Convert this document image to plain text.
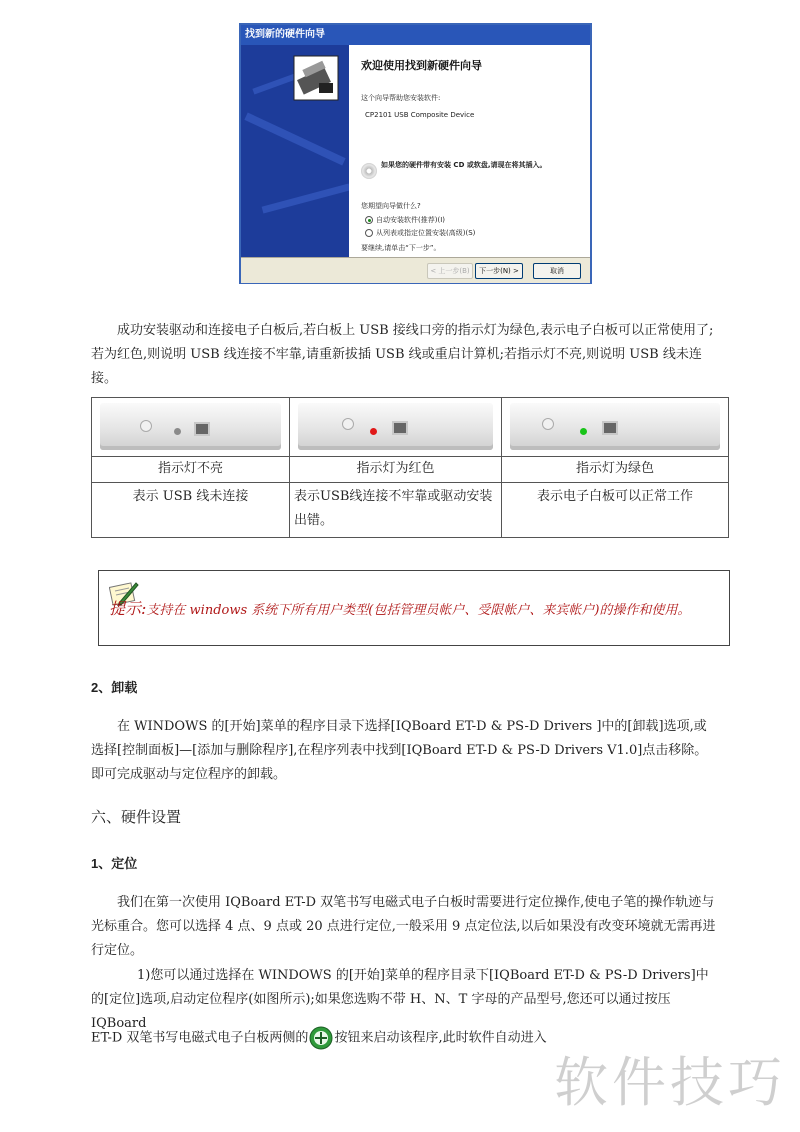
找到新的硬件向导
欢迎使用找到新硬件向导
这个向导帮助您安装软件:
CP2101 USB Composite Device
如果您的硬件带有安装 CD 或软盘,请现在将其插入。
您期望向导做什么?
自动安装软件(推荐)(I)
从列表或指定位置安装(高级)(S)
要继续,请单击“下一步”。
< 上一步(B)	下一步(N) >	取消
成功安装驱动和连接电子白板后,若白板上 USB 接线口旁的指示灯为绿色,表示电子白板可以正常使用了;若为红色,则说明 USB 线连接不牢靠,请重新拔插 USB 线或重启计算机;若指示灯不亮,则说明 USB 线未连接。

指示灯不亮	指示灯为红色	指示灯为绿色
表示 USB 线未连接	表示USB线连接不牢靠或驱动安装出错。	表示电子白板可以正常工作
提示:支持在 windows 系统下所有用户类型(包括管理员帐户、受限帐户、来宾帐户)的操作和使用。
2、卸载
在 WINDOWS 的[开始]菜单的程序目录下选择[IQBoard ET-D & PS-D Drivers ]中的[卸载]选项,或选择[控制面板]—[添加与删除程序],在程序列表中找到[IQBoard ET-D & PS-D Drivers V1.0]点击移除。即可完成驱动与定位程序的卸载。
六、硬件设置
1、定位
我们在第一次使用 IQBoard ET-D 双笔书写电磁式电子白板时需要进行定位操作,使电子笔的操作轨迹与光标重合。您可以选择 4 点、9 点或 20 点进行定位,一般采用 9 点定位法,以后如果没有改变环境就无需再进行定位。
1)您可以通过选择在 WINDOWS 的[开始]菜单的程序目录下[IQBoard ET-D & PS-D Drivers]中的[定位]选项,启动定位程序(如图所示);如果您选购不带 H、N、T 字母的产品型号,您还可以通过按压 IQBoard
ET-D 双笔书写电磁式电子白板两侧的 按钮来启动该程序,此时软件自动进入
软件技巧
